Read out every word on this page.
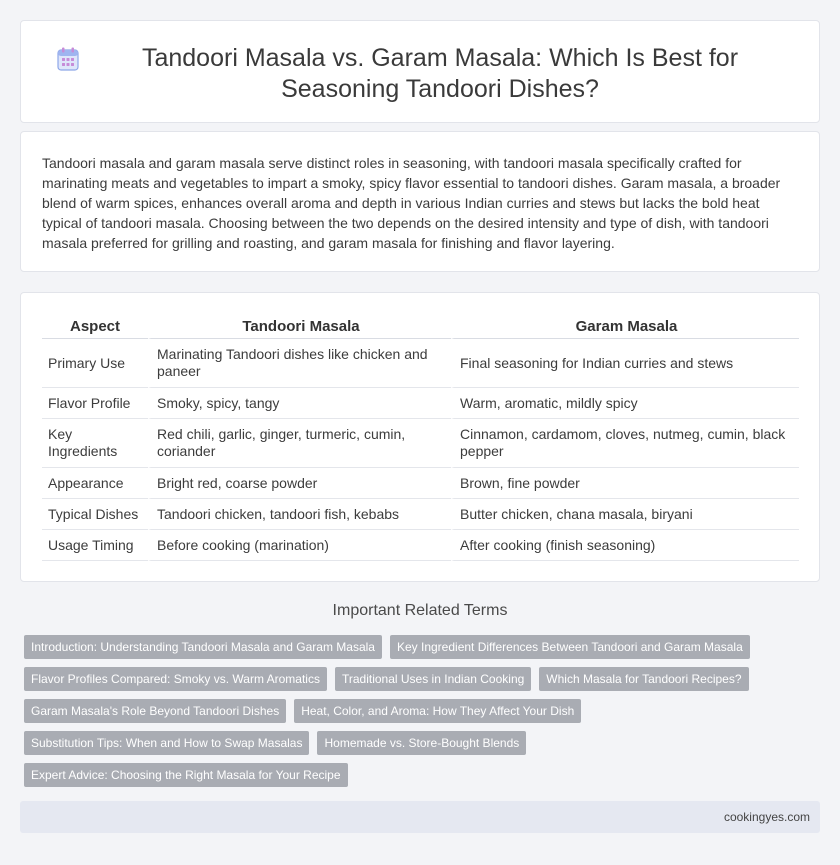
Tandoori Masala vs. Garam Masala: Which Is Best for Seasoning Tandoori Dishes?

Tandoori masala and garam masala serve distinct roles in seasoning, with tandoori masala specifically crafted for marinating meats and vegetables to impart a smoky, spicy flavor essential to tandoori dishes. Garam masala, a broader blend of warm spices, enhances overall aroma and depth in various Indian curries and stews but lacks the bold heat typical of tandoori masala. Choosing between the two depends on the desired intensity and type of dish, with tandoori masala preferred for grilling and roasting, and garam masala for finishing and flavor layering.

Aspect	Tandoori Masala	Garam Masala
Primary Use	Marinating Tandoori dishes like chicken and paneer	Final seasoning for Indian curries and stews
Flavor Profile	Smoky, spicy, tangy	Warm, aromatic, mildly spicy
Key Ingredients	Red chili, garlic, ginger, turmeric, cumin, coriander	Cinnamon, cardamom, cloves, nutmeg, cumin, black pepper
Appearance	Bright red, coarse powder	Brown, fine powder
Typical Dishes	Tandoori chicken, tandoori fish, kebabs	Butter chicken, chana masala, biryani
Usage Timing	Before cooking (marination)	After cooking (finish seasoning)
Important Related Terms
Introduction: Understanding Tandoori Masala and Garam Masala	Key Ingredient Differences Between Tandoori and Garam Masala
Flavor Profiles Compared: Smoky vs. Warm Aromatics	Traditional Uses in Indian Cooking	Which Masala for Tandoori Recipes?
Garam Masala's Role Beyond Tandoori Dishes	Heat, Color, and Aroma: How They Affect Your Dish
Substitution Tips: When and How to Swap Masalas	Homemade vs. Store-Bought Blends
Expert Advice: Choosing the Right Masala for Your Recipe
cookingyes.com
